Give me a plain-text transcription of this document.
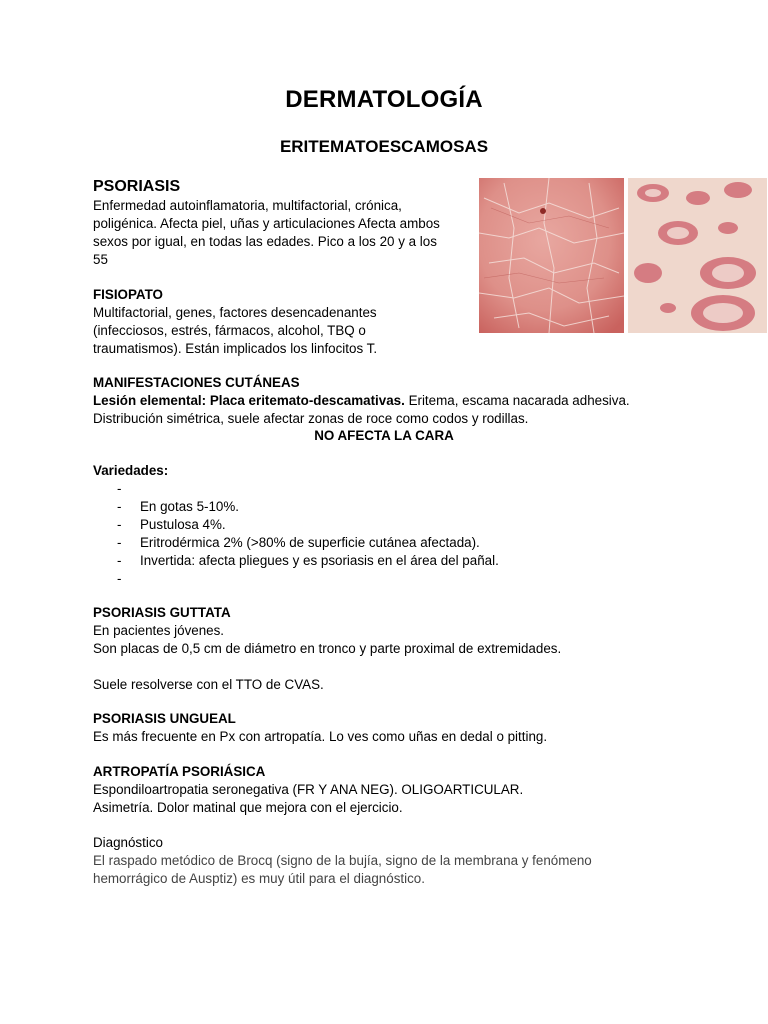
DERMATOLOGÍA
ERITEMATOESCAMOSAS
PSORIASIS
Enfermedad autoinflamatoria, multifactorial, crónica,
poligénica. Afecta piel, uñas y articulaciones Afecta ambos
sexos por igual, en todas las edades. Pico a los 20 y a los
55
FISIOPATO
Multifactorial, genes, factores desencadenantes
(infecciosos, estrés, fármacos, alcohol, TBQ o
traumatismos). Están implicados los linfocitos T.
MANIFESTACIONES CUTÁNEAS
Lesión elemental: Placa eritemato-descamativas. Eritema, escama nacarada adhesiva.
Distribución simétrica, suele afectar zonas de roce como codos y rodillas.
NO AFECTA LA CARA
Variedades:
-
- En gotas 5-10%.
- Pustulosa 4%.
- Eritrodérmica 2% (>80% de superficie cutánea afectada).
- Invertida: afecta pliegues y es psoriasis en el área del pañal.
-
PSORIASIS GUTTATA
En pacientes jóvenes.
Son placas de 0,5 cm de diámetro en tronco y parte proximal de extremidades.
Suele resolverse con el TTO de CVAS.
PSORIASIS UNGUEAL
Es más frecuente en Px con artropatía. Lo ves como uñas en dedal o pitting.
ARTROPATÍA PSORIÁSICA
Espondiloartropatia seronegativa (FR Y ANA NEG). OLIGOARTICULAR.
Asimetría. Dolor matinal que mejora con el ejercicio.
Diagnóstico
El raspado metódico de Brocq (signo de la bujía, signo de la membrana y fenómeno
hemorrágico de Ausptiz) es muy útil para el diagnóstico.
